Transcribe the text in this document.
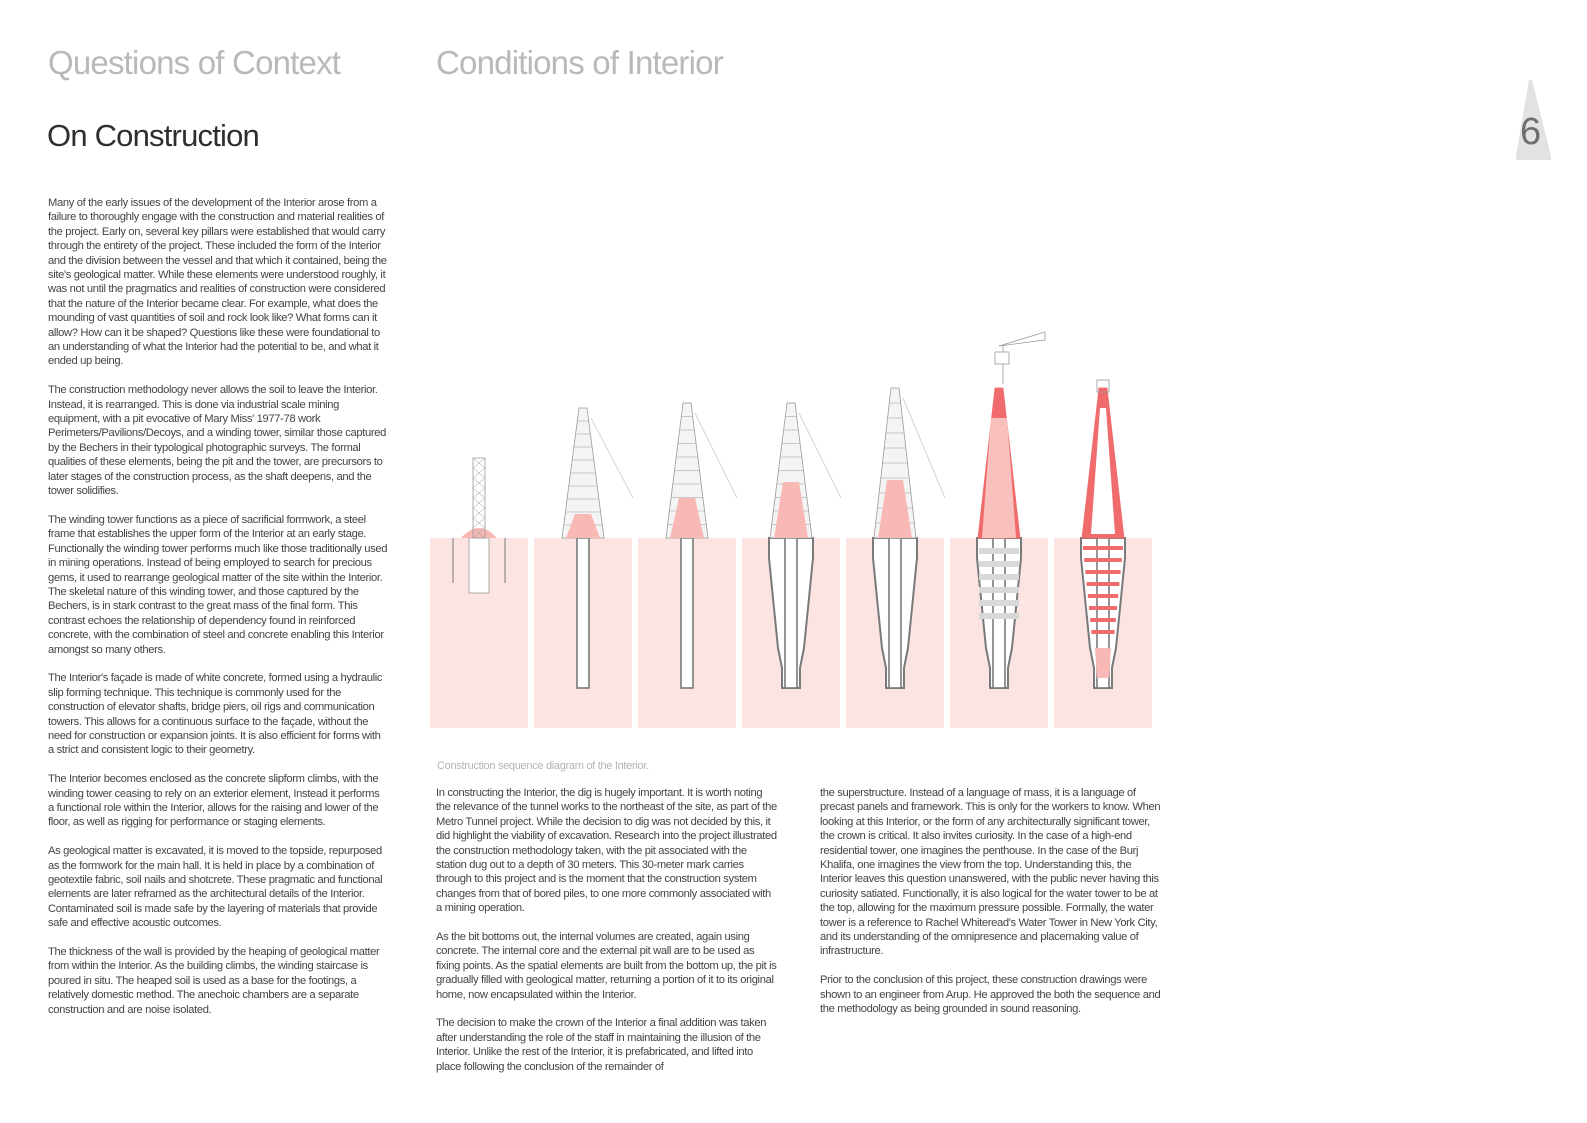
Questions of Context	Conditions of Interior
On Construction	6

Many of the early issues of the development of the Interior arose from a failure to thoroughly engage with the construction and material realities of the project. Early on, several key pillars were established that would carry through the entirety of the project. These included the form of the Interior and the division between the vessel and that which it contained, being the site's geological matter. While these elements were understood roughly, it was not until the pragmatics and realities of construction were considered that the nature of the Interior became clear. For example, what does the mounding of vast quantities of soil and rock look like? What forms can it allow? How can it be shaped? Questions like these were foundational to an understanding of what the Interior had the potential to be, and what it ended up being.

The construction methodology never allows the soil to leave the Interior. Instead, it is rearranged. This is done via industrial scale mining equipment, with a pit evocative of Mary Miss' 1977-78 work Perimeters/Pavilions/Decoys, and a winding tower, similar those captured by the Bechers in their typological photographic surveys. The formal qualities of these elements, being the pit and the tower, are precursors to later stages of the construction process, as the shaft deepens, and the tower solidifies.

The winding tower functions as a piece of sacrificial formwork, a steel frame that establishes the upper form of the Interior at an early stage. Functionally the winding tower performs much like those traditionally used in mining operations. Instead of being employed to search for precious gems, it used to rearrange geological matter of the site within the Interior. The skeletal nature of this winding tower, and those captured by the Bechers, is in stark contrast to the great mass of the final form. This contrast echoes the relationship of dependency found in reinforced concrete, with the combination of steel and concrete enabling this Interior amongst so many others.

The Interior's façade is made of white concrete, formed using a hydraulic slip forming technique. This technique is commonly used for the construction of elevator shafts, bridge piers, oil rigs and communication towers. This allows for a continuous surface to the façade, without the need for construction or expansion joints. It is also efficient for forms with a strict and consistent logic to their geometry.

The Interior becomes enclosed as the concrete slipform climbs, with the winding tower ceasing to rely on an exterior element, Instead it performs a functional role within the Interior, allows for the raising and lower of the floor, as well as rigging for performance or staging elements.

As geological matter is excavated, it is moved to the topside, repurposed as the formwork for the main hall. It is held in place by a combination of geotextile fabric, soil nails and shotcrete. These pragmatic and functional elements are later reframed as the architectural details of the Interior. Contaminated soil is made safe by the layering of materials that provide safe and effective acoustic outcomes.

The thickness of the wall is provided by the heaping of geological matter from within the Interior. As the building climbs, the winding staircase is poured in situ. The heaped soil is used as a base for the footings, a relatively domestic method. The anechoic chambers are a separate construction and are noise isolated.

Construction sequence diagram of the Interior.

In constructing the Interior, the dig is hugely important. It is worth noting the relevance of the tunnel works to the northeast of the site, as part of the Metro Tunnel project. While the decision to dig was not decided by this, it did highlight the viability of excavation. Research into the project illustrated the construction methodology taken, with the pit associated with the station dug out to a depth of 30 meters. This 30-meter mark carries through to this project and is the moment that the construction system changes from that of bored piles, to one more commonly associated with a mining operation.

As the bit bottoms out, the internal volumes are created, again using concrete. The internal core and the external pit wall are to be used as fixing points. As the spatial elements are built from the bottom up, the pit is gradually filled with geological matter, returning a portion of it to its original home, now encapsulated within the Interior.

The decision to make the crown of the Interior a final addition was taken after understanding the role of the staff in maintaining the illusion of the Interior. Unlike the rest of the Interior, it is prefabricated, and lifted into place following the conclusion of the remainder of

the superstructure. Instead of a language of mass, it is a language of precast panels and framework. This is only for the workers to know. When looking at this Interior, or the form of any architecturally significant tower, the crown is critical. It also invites curiosity. In the case of a high-end residential tower, one imagines the penthouse. In the case of the Burj Khalifa, one imagines the view from the top. Understanding this, the Interior leaves this question unanswered, with the public never having this curiosity satiated. Functionally, it is also logical for the water tower to be at the top, allowing for the maximum pressure possible. Formally, the water tower is a reference to Rachel Whiteread's Water Tower in New York City, and its understanding of the omnipresence and placemaking value of infrastructure.

Prior to the conclusion of this project, these construction drawings were shown to an engineer from Arup. He approved the both the sequence and the methodology as being grounded in sound reasoning.
